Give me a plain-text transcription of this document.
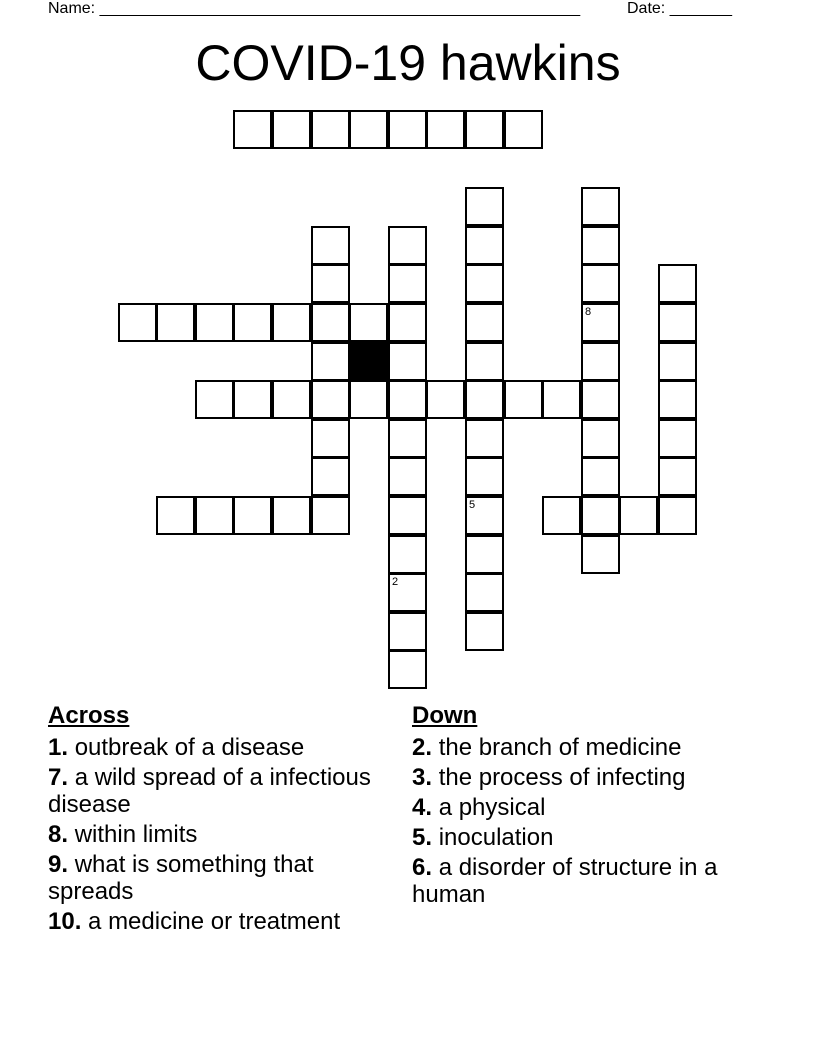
Name: ______________________________________________________	Date: _______
COVID-19 hawkins
5
8
2
Across
1. outbreak of a disease
7. a wild spread of a infectious disease
8. within limits
9. what is something that spreads
10. a medicine or treatment
Down
2. the branch of medicine
3. the process of infecting
4. a physical
5. inoculation
6. a disorder of structure in a human
